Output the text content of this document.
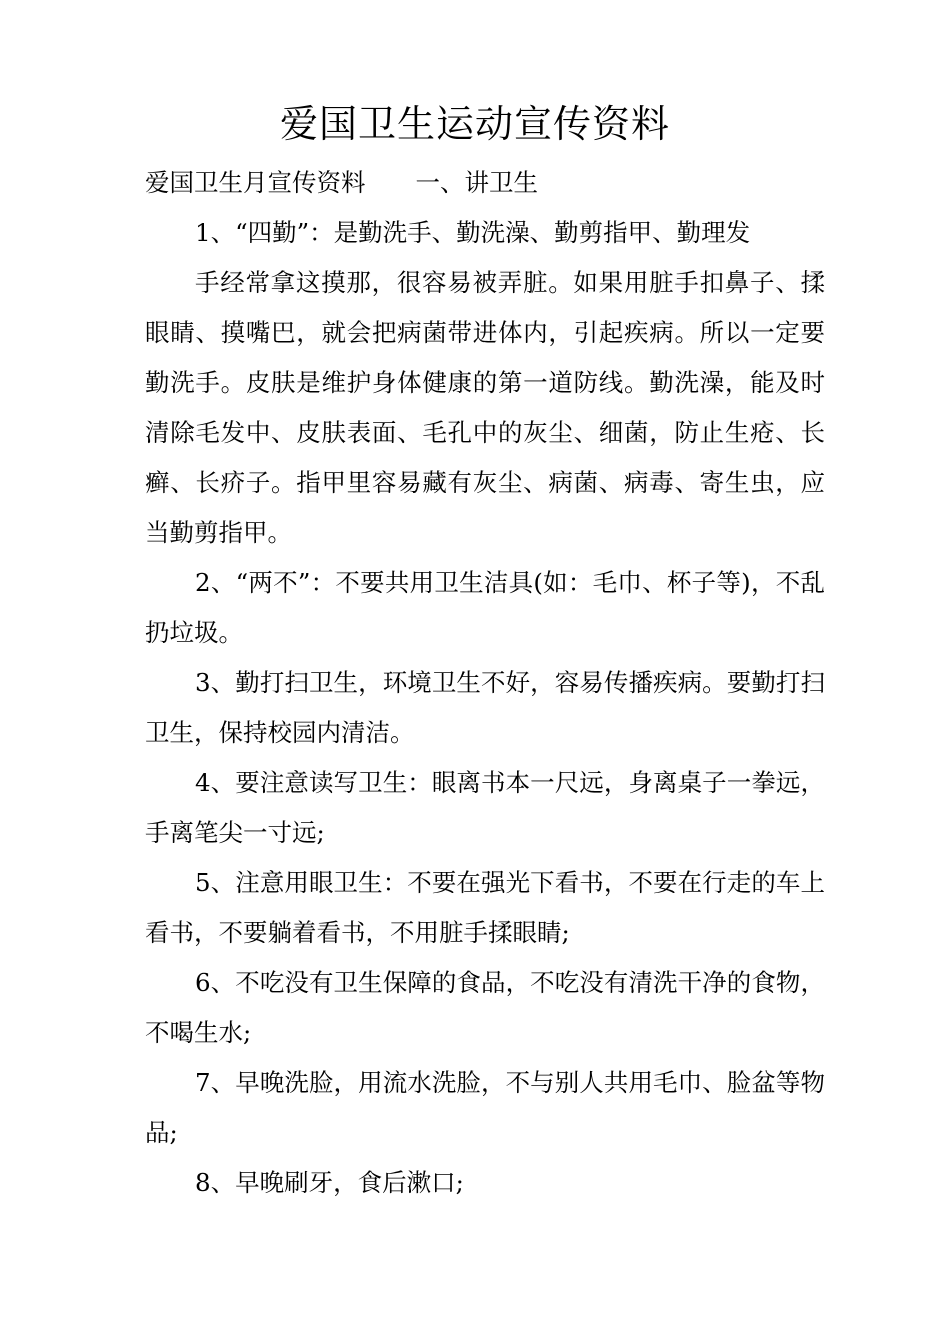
爱国卫生运动宣传资料

爱国卫生月宣传资料 一、讲卫生

1、“四勤”：是勤洗手、勤洗澡、勤剪指甲、勤理发

手经常拿这摸那，很容易被弄脏。如果用脏手扣鼻子、揉眼睛、摸嘴巴，就会把病菌带进体内，引起疾病。所以一定要勤洗手。皮肤是维护身体健康的第一道防线。勤洗澡，能及时清除毛发中、皮肤表面、毛孔中的灰尘、细菌，防止生疮、长癣、长疥子。指甲里容易藏有灰尘、病菌、病毒、寄生虫，应当勤剪指甲。

2、“两不”：不要共用卫生洁具(如：毛巾、杯子等)，不乱扔垃圾。

3、勤打扫卫生，环境卫生不好，容易传播疾病。要勤打扫卫生，保持校园内清洁。

4、要注意读写卫生：眼离书本一尺远，身离桌子一拳远，手离笔尖一寸远;

5、注意用眼卫生：不要在强光下看书，不要在行走的车上看书，不要躺着看书，不用脏手揉眼睛;

6、不吃没有卫生保障的食品，不吃没有清洗干净的食物，不喝生水;

7、早晚洗脸，用流水洗脸，不与别人共用毛巾、脸盆等物品;

8、早晚刷牙，食后漱口;
